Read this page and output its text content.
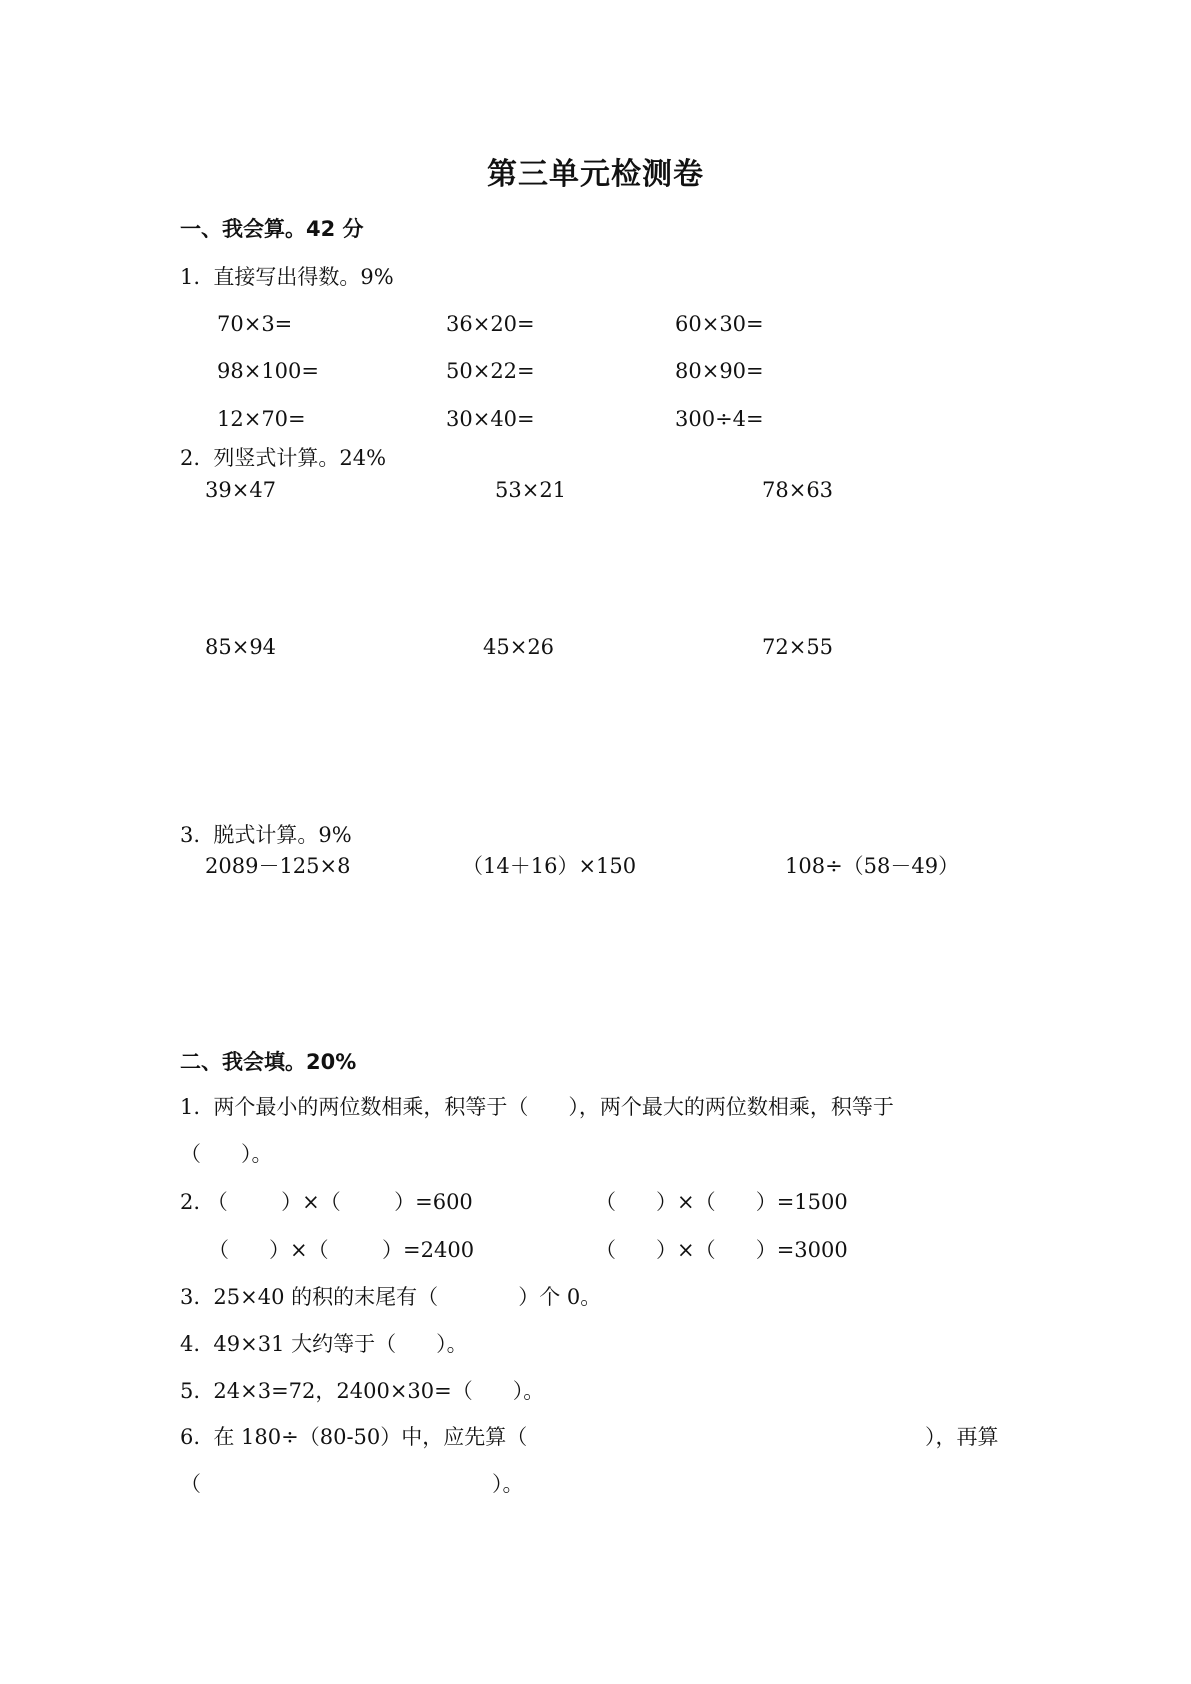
第三单元检测卷
一、我会算。42 分
1.  直接写出得数。9%
70×3=	36×20=	60×30=
98×100=	50×22=	80×90=
12×70=	30×40=	300÷4=
2.  列竖式计算。24%
39×47	53×21	78×63
85×94	45×26	72×55
3.  脱式计算。9%
2089－125×8	（14＋16）×150	108÷（58－49）
二、我会填。20%
1.  两个最小的两位数相乘，积等于（      ），两个最大的两位数相乘，积等于
（      ）。
2. （        ）×（        ）=600	（      ）×（      ）=1500
（      ）×（        ）=2400	（      ）×（      ）=3000
3.  25×40 的积的末尾有（            ）个 0。
4.  49×31 大约等于（      ）。
5.  24×3=72，2400×30=（      ）。
6.  在 180÷（80-50）中，应先算（	），再算
（	）。
